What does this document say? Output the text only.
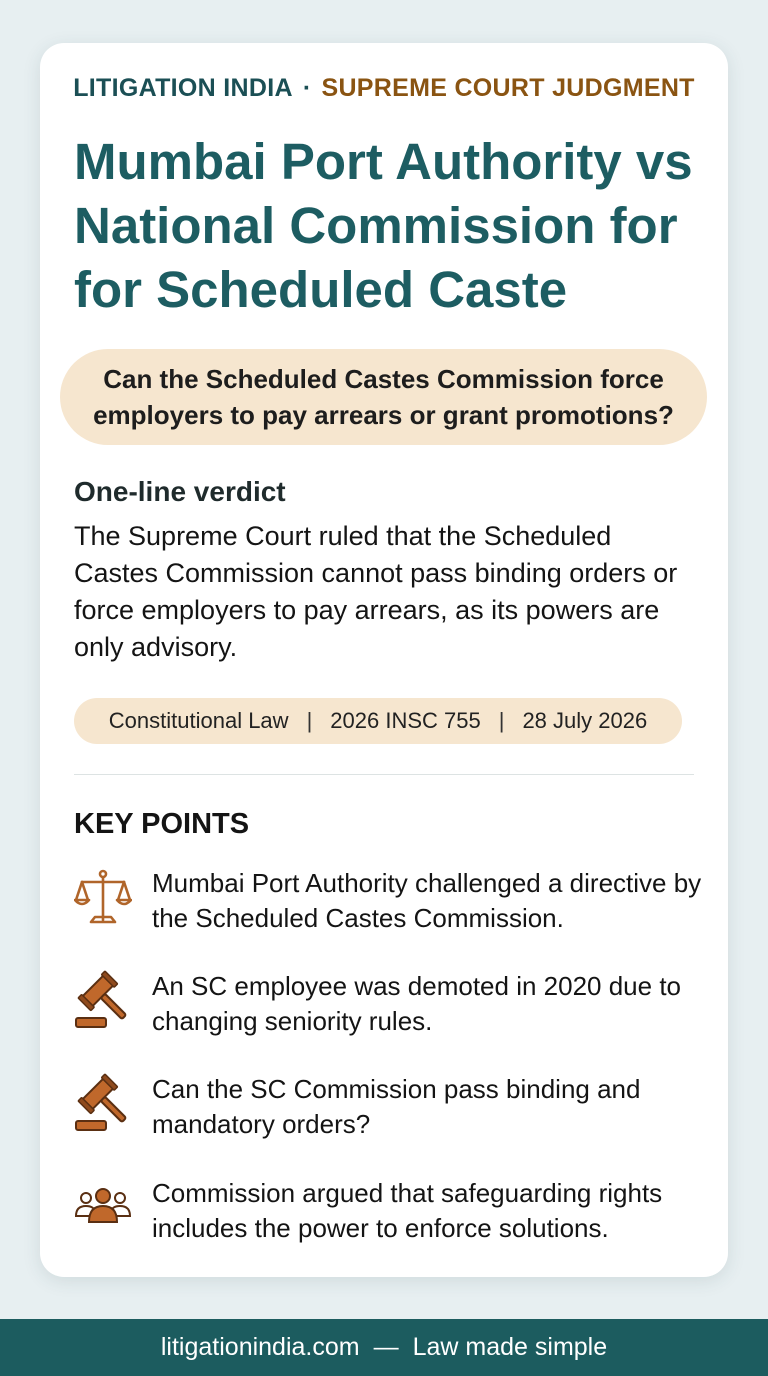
LITIGATION INDIA · SUPREME COURT JUDGMENT
Mumbai Port Authority vs National Commission for for Scheduled Caste
Can the Scheduled Castes Commission force employers to pay arrears or grant promotions?
One-line verdict
The Supreme Court ruled that the Scheduled Castes Commission cannot pass binding orders or force employers to pay arrears, as its powers are only advisory.
Constitutional Law | 2026 INSC 755 | 28 July 2026
KEY POINTS
Mumbai Port Authority challenged a directive by the Scheduled Castes Commission.
An SC employee was demoted in 2020 due to changing seniority rules.
Can the SC Commission pass binding and mandatory orders?
Commission argued that safeguarding rights includes the power to enforce solutions.
litigationindia.com — Law made simple
